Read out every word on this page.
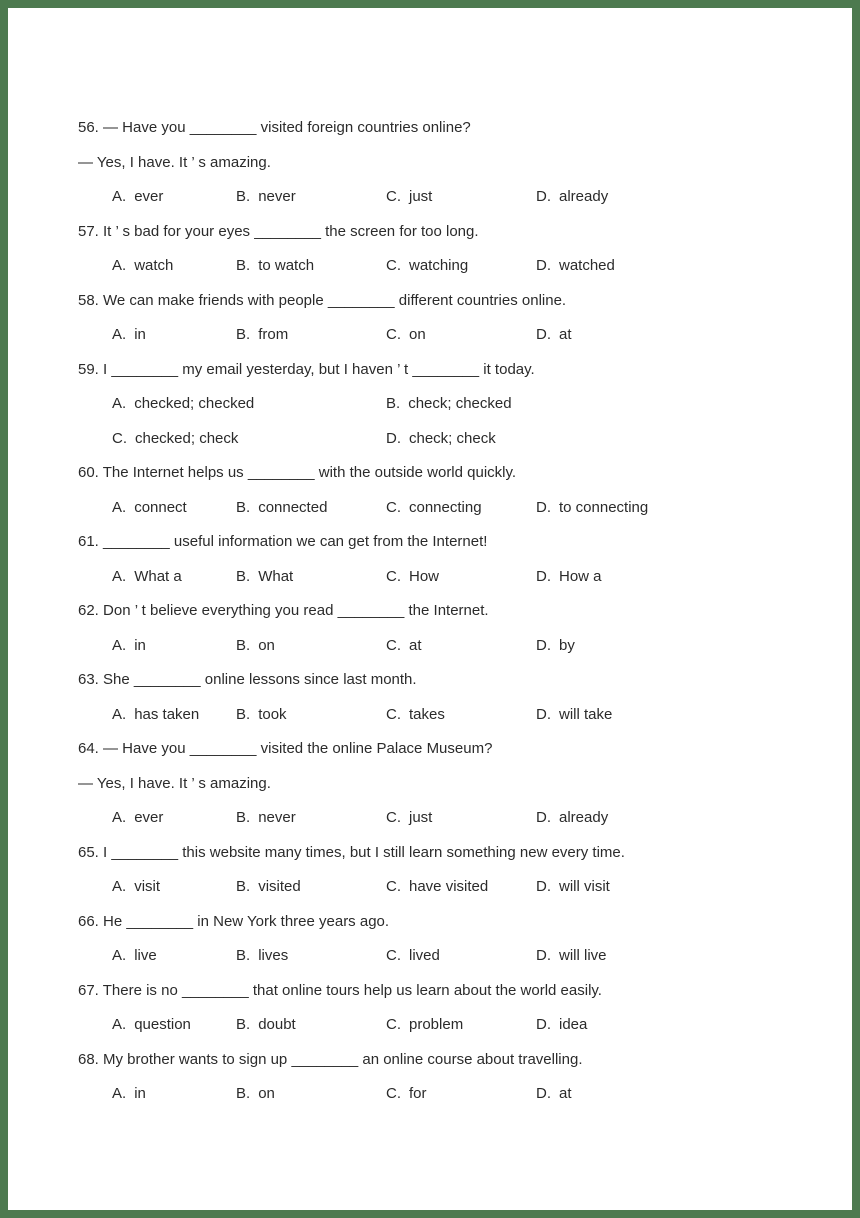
56. — Have you ________ visited foreign countries online?
— Yes, I have. It ’ s amazing.
A. ever	B. never	C. just	D. already
57. It ’ s bad for your eyes ________ the screen for too long.
A. watch	B. to watch	C. watching	D. watched
58. We can make friends with people ________ different countries online.
A. in	B. from	C. on	D. at
59. I ________ my email yesterday, but I haven ’ t ________ it today.
A. checked; checked	B. check; checked
C. checked; check	D. check; check
60. The Internet helps us ________ with the outside world quickly.
A. connect	B. connected	C. connecting	D. to connecting
61. ________ useful information we can get from the Internet!
A. What a	B. What	C. How	D. How a
62. Don ’ t believe everything you read ________ the Internet.
A. in	B. on	C. at	D. by
63. She ________ online lessons since last month.
A. has taken B. took	C. takes	D. will take
64. — Have you ________ visited the online Palace Museum?
— Yes, I have. It ’ s amazing.
A. ever	B. never	C. just	D. already
65. I ________ this website many times, but I still learn something new every time.
A. visit	B. visited	C. have visited	D. will visit
66. He ________ in New York three years ago.
A. live	B. lives	C. lived	D. will live
67. There is no ________ that online tours help us learn about the world easily.
A. question	B. doubt	C. problem	D. idea
68. My brother wants to sign up ________ an online course about travelling.
A. in	B. on	C. for	D. at
